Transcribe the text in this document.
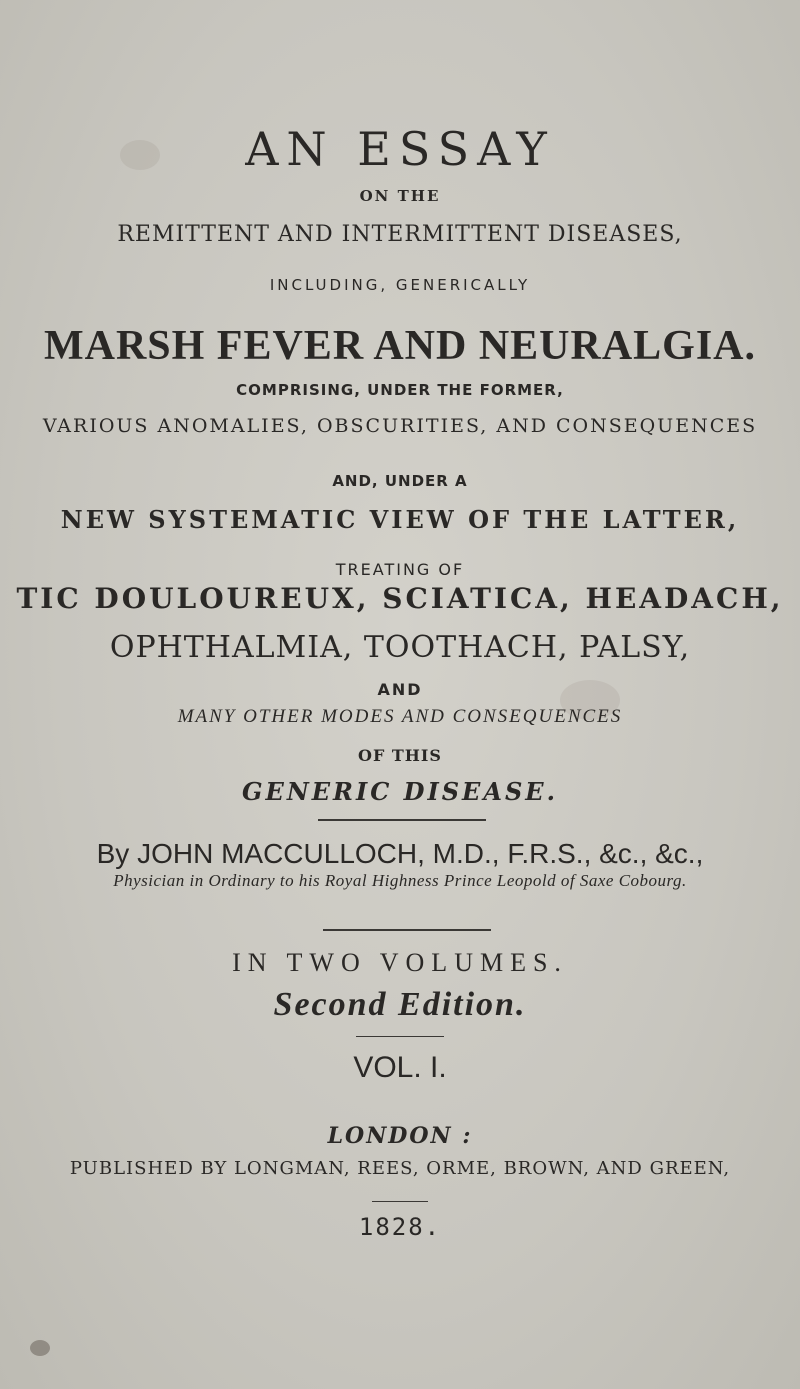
AN ESSAY
ON THE
REMITTENT AND INTERMITTENT DISEASES,
INCLUDING, GENERICALLY
MARSH FEVER AND NEURALGIA.
COMPRISING, UNDER THE FORMER,
VARIOUS ANOMALIES, OBSCURITIES, AND CONSEQUENCES
AND, UNDER A
NEW SYSTEMATIC VIEW OF THE LATTER,
TREATING OF
TIC DOULOUREUX, SCIATICA, HEADACH,
OPHTHALMIA, TOOTHACH, PALSY,
AND
MANY OTHER MODES AND CONSEQUENCES
OF THIS
GENERIC DISEASE.
By JOHN MACCULLOCH, M.D., F.R.S., &c., &c.,
Physician in Ordinary to his Royal Highness Prince Leopold of Saxe Cobourg.
IN TWO VOLUMES.
Second Edition.
VOL. I.
LONDON :
PUBLISHED BY LONGMAN, REES, ORME, BROWN, AND GREEN,
1828.
